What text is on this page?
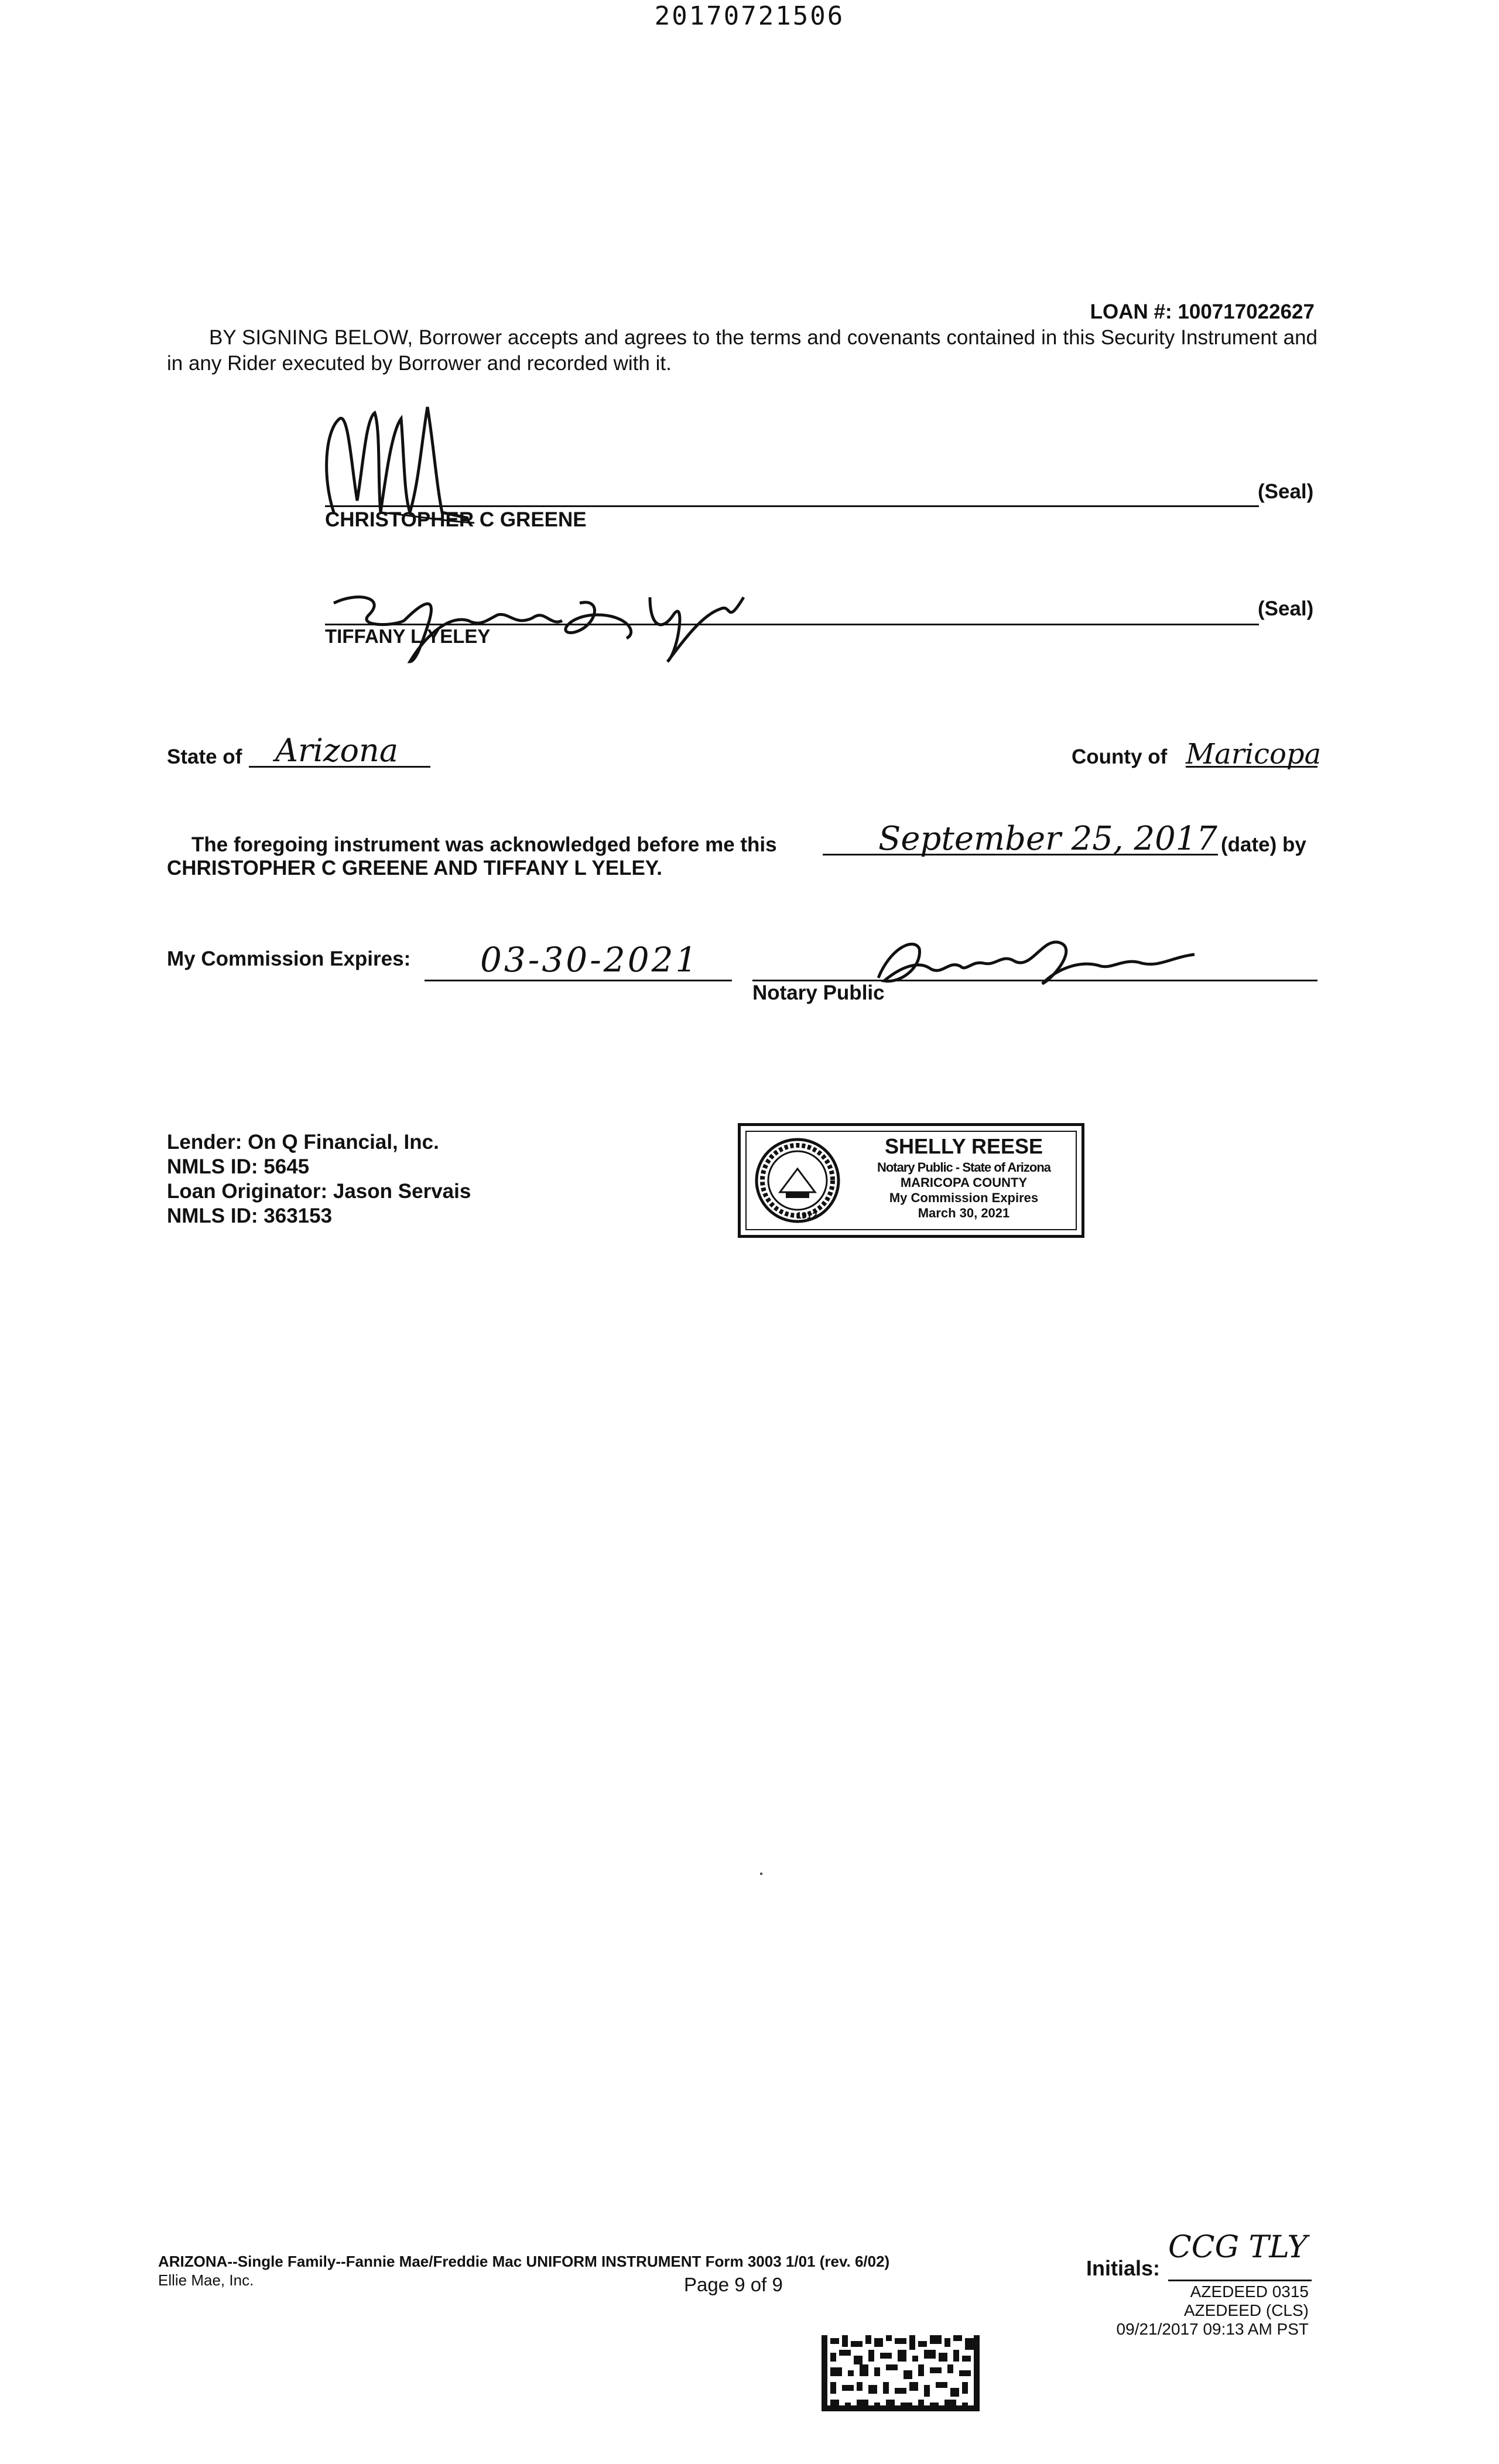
20170721506
LOAN #: 100717022627
BY SIGNING BELOW, Borrower accepts and agrees to the terms and covenants contained in this Security Instrument and in any Rider executed by Borrower and recorded with it.
(Seal)
CHRISTOPHER C GREENE
(Seal)
TIFFANY L YELEY
State of Arizona	County of Maricopa
The foregoing instrument was acknowledged before me this	September 25, 2017 (date) by
CHRISTOPHER C GREENE AND TIFFANY L YELEY.
My Commission Expires: 03-30-2021
Notary Public
Lender: On Q Financial, Inc.
NMLS ID: 5645
Loan Originator: Jason Servais
NMLS ID: 363153	1912
SHELLY REESE
Notary Public - State of Arizona
MARICOPA COUNTY
My Commission Expires
March 30, 2021
ARIZONA--Single Family--Fannie Mae/Freddie Mac UNIFORM INSTRUMENT Form 3003 1/01 (rev. 6/02)
Ellie Mae, Inc.	Page 9 of 9
Initials:
CCG TLY
AZEDEED 0315
AZEDEED (CLS)
09/21/2017 09:13 AM PST
